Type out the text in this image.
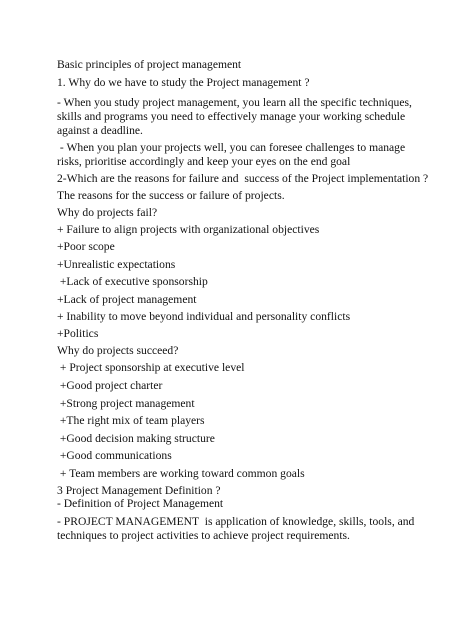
Basic principles of project management

1. Why do we have to study the Project management ?

- When you study project management, you learn all the specific techniques,

skills and programs you need to effectively manage your working schedule

against a deadline.

- When you plan your projects well, you can foresee challenges to manage

risks, prioritise accordingly and keep your eyes on the end goal

2-Which are the reasons for failure and  success of the Project implementation ?

The reasons for the success or failure of projects.

Why do projects fail?

+ Failure to align projects with organizational objectives

+Poor scope

+Unrealistic expectations

+Lack of executive sponsorship

+Lack of project management

+ Inability to move beyond individual and personality conflicts

+Politics

Why do projects succeed?

+ Project sponsorship at executive level

+Good project charter

+Strong project management

+The right mix of team players

+Good decision making structure

+Good communications

+ Team members are working toward common goals

3 Project Management Definition ?

- Definition of Project Management

- PROJECT MANAGEMENT  is application of knowledge, skills, tools, and

techniques to project activities to achieve project requirements.
